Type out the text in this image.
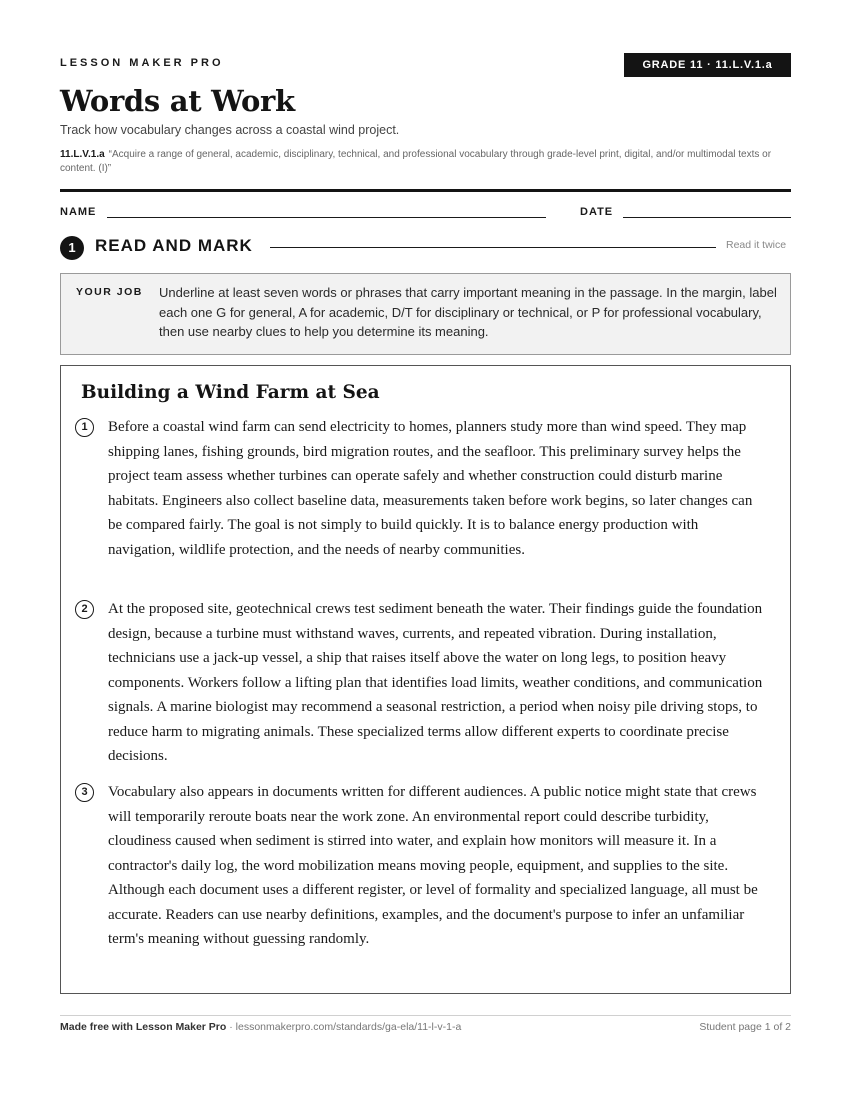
LESSON MAKER PRO	GRADE 11 · 11.L.V.1.a
Words at Work
Track how vocabulary changes across a coastal wind project.
11.L.V.1.a “Acquire a range of general, academic, disciplinary, technical, and professional vocabulary through grade-level print, digital, and/or multimodal texts or content. (I)”
NAME	DATE
1	READ AND MARK	Read it twice
YOUR JOB Underline at least seven words or phrases that carry important meaning in the passage. In the margin, label each one G for general, A for academic, D/T for disciplinary or technical, or P for professional vocabulary, then use nearby clues to help you determine its meaning.
Building a Wind Farm at Sea
1	Before a coastal wind farm can send electricity to homes, planners study more than wind speed. They map shipping lanes, fishing grounds, bird migration routes, and the seafloor. This preliminary survey helps the project team assess whether turbines can operate safely and whether construction could disturb marine habitats. Engineers also collect baseline data, measurements taken before work begins, so later changes can be compared fairly. The goal is not simply to build quickly. It is to balance energy production with navigation, wildlife protection, and the needs of nearby communities.
2	At the proposed site, geotechnical crews test sediment beneath the water. Their findings guide the foundation design, because a turbine must withstand waves, currents, and repeated vibration. During installation, technicians use a jack-up vessel, a ship that raises itself above the water on long legs, to position heavy components. Workers follow a lifting plan that identifies load limits, weather conditions, and communication signals. A marine biologist may recommend a seasonal restriction, a period when noisy pile driving stops, to reduce harm to migrating animals. These specialized terms allow different experts to coordinate precise decisions.
3	Vocabulary also appears in documents written for different audiences. A public notice might state that crews will temporarily reroute boats near the work zone. An environmental report could describe turbidity, cloudiness caused when sediment is stirred into water, and explain how monitors will measure it. In a contractor's daily log, the word mobilization means moving people, equipment, and supplies to the site. Although each document uses a different register, or level of formality and specialized language, all must be accurate. Readers can use nearby definitions, examples, and the document's purpose to infer an unfamiliar term's meaning without guessing randomly.
Made free with Lesson Maker Pro · lessonmakerpro.com/standards/ga-ela/11-l-v-1-a	Student page 1 of 2
